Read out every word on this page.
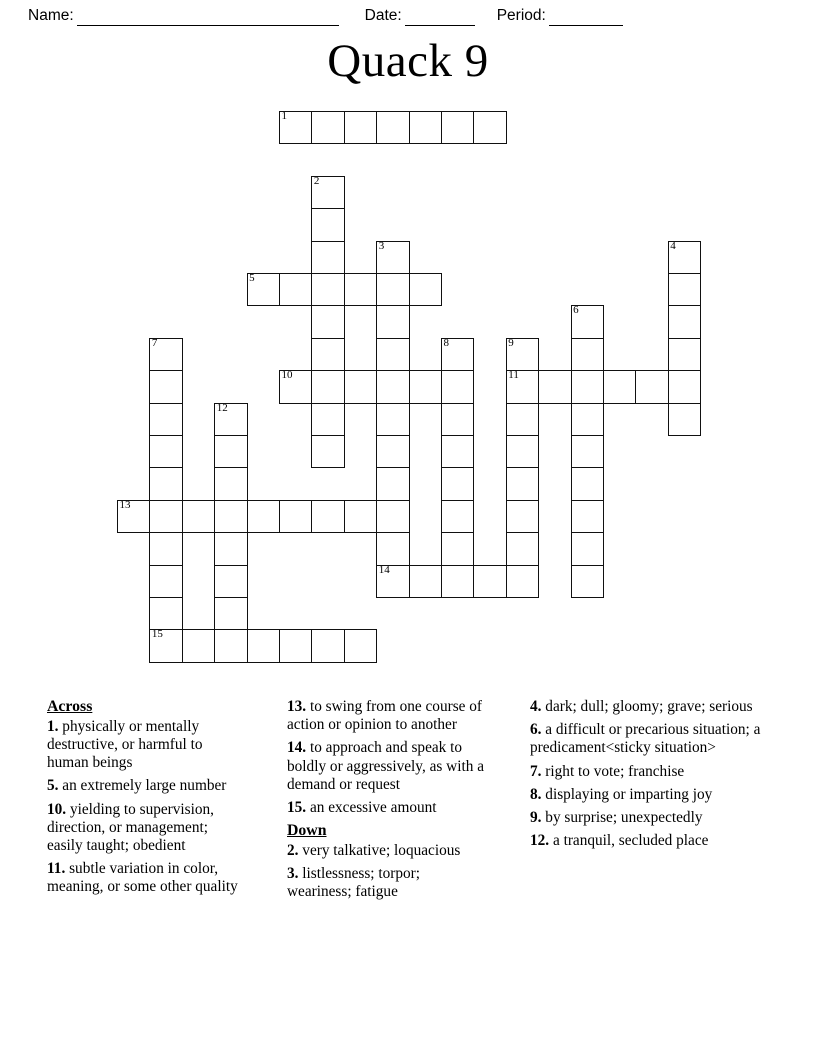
Name:	Date:	Period:
Quack 9
1
2
3
14
4
5
6
7	8	9
11
10
12
13
15
Across

1. physically or mentally destructive, or harmful to human beings

5. an extremely large number

10. yielding to supervision, direction, or management; easily taught; obedient

11. subtle variation in color, meaning, or some other quality

13. to swing from one course of action or opinion to another

14. to approach and speak to boldly or aggressively, as with a demand or request

15. an excessive amount

Down

2. very talkative; loquacious

3. listlessness; torpor; weariness; fatigue

4. dark; dull; gloomy; grave; serious

6. a difficult or precarious situation; a predicament<sticky situation>

7. right to vote; franchise

8. displaying or imparting joy

9. by surprise; unexpectedly

12. a tranquil, secluded place
